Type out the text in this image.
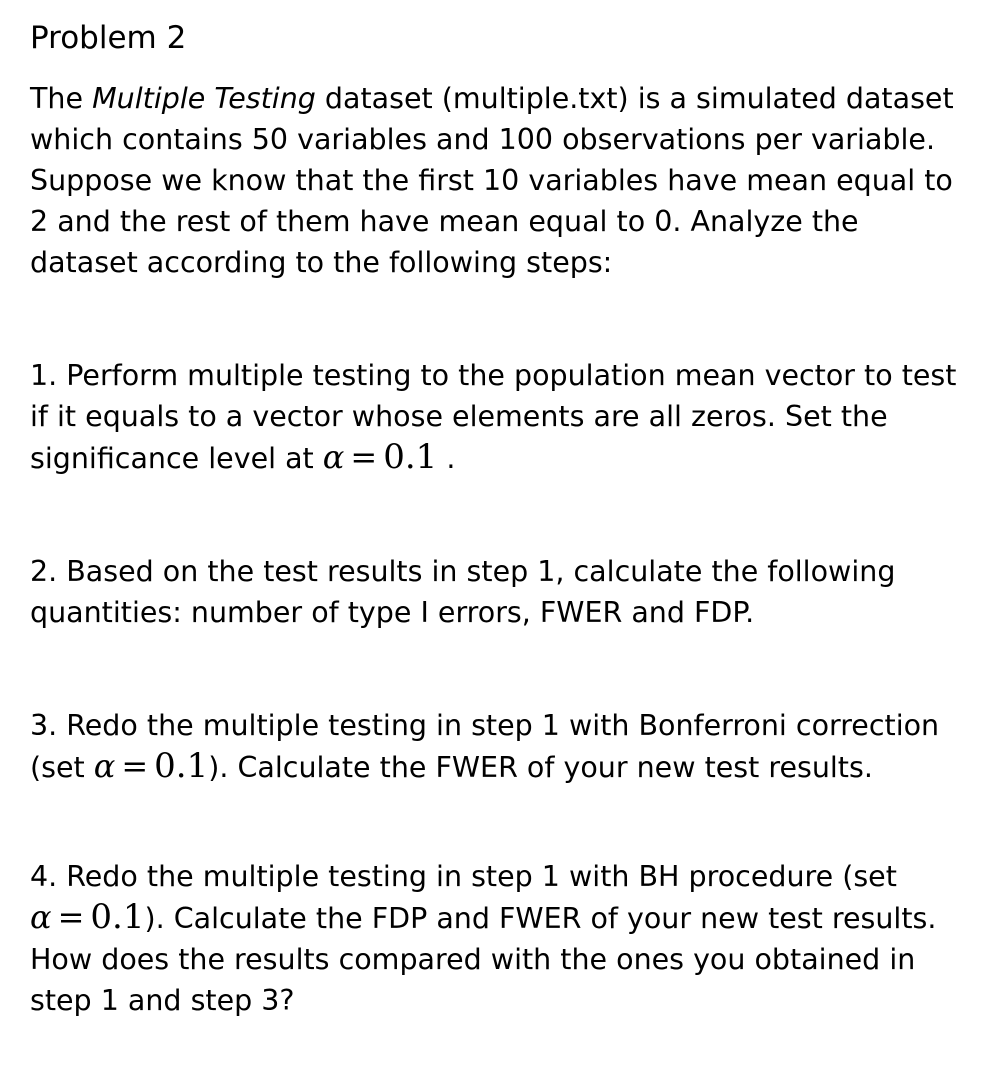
Problem 2

The Multiple Testing dataset (multiple.txt) is a simulated dataset which contains 50 variables and 100 observations per variable. Suppose we know that the first 10 variables have mean equal to 2 and the rest of them have mean equal to 0. Analyze the dataset according to the following steps:

1. Perform multiple testing to the population mean vector to test if it equals to a vector whose elements are all zeros. Set the significance level at α = 0.1 .

2. Based on the test results in step 1, calculate the following quantities: number of type I errors, FWER and FDP.

3. Redo the multiple testing in step 1 with Bonferroni correction (set α = 0.1). Calculate the FWER of your new test results.

4. Redo the multiple testing in step 1 with BH procedure (set α = 0.1). Calculate the FDP and FWER of your new test results. How does the results compared with the ones you obtained in step 1 and step 3?
